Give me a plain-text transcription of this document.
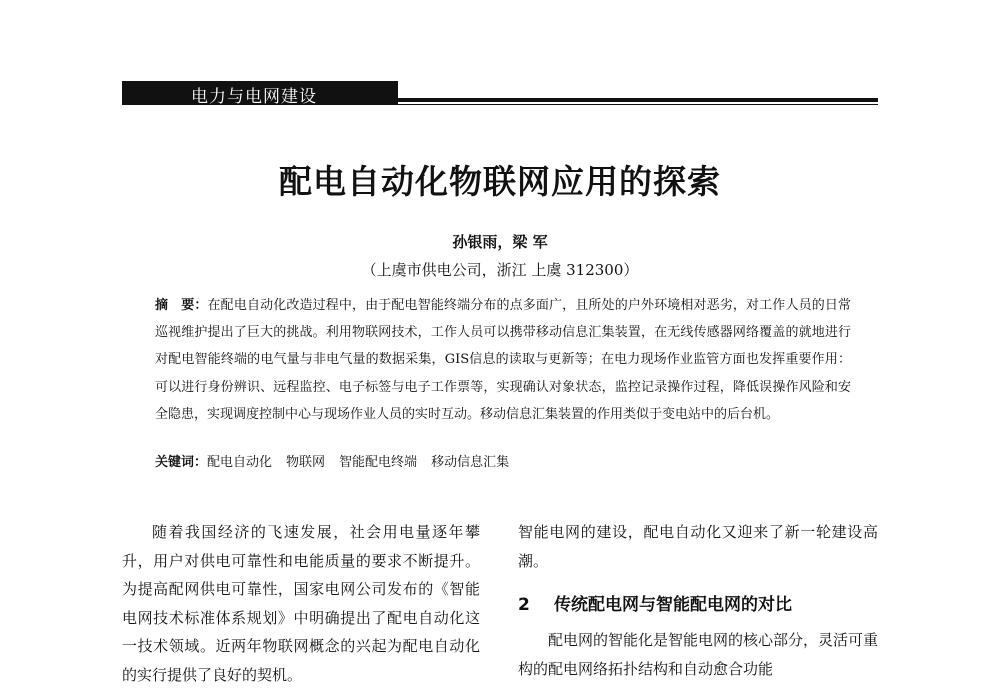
电力与电网建设
配电自动化物联网应用的探索
孙银雨，梁 军
（上虞市供电公司，浙江 上虞 312300）
摘　要：在配电自动化改造过程中，由于配电智能终端分布的点多面广，且所处的户外环境相对恶劣，对工作人员的日常巡视维护提出了巨大的挑战。利用物联网技术，工作人员可以携带移动信息汇集装置，在无线传感器网络覆盖的就地进行对配电智能终端的电气量与非电气量的数据采集，GIS信息的读取与更新等；在电力现场作业监管方面也发挥重要作用：可以进行身份辨识、远程监控、电子标签与电子工作票等，实现确认对象状态，监控记录操作过程，降低误操作风险和安全隐患，实现调度控制中心与现场作业人员的实时互动。移动信息汇集装置的作用类似于变电站中的后台机。
关键词：配电自动化 物联网 智能配电终端 移动信息汇集
随着我国经济的飞速发展，社会用电量逐年攀升，用户对供电可靠性和电能质量的要求不断提升。为提高配网供电可靠性，国家电网公司发布的《智能电网技术标准体系规划》中明确提出了配电自动化这一技术领域。近两年物联网概念的兴起为配电自动化的实行提供了良好的契机。
智能电网的建设，配电自动化又迎来了新一轮建设高潮。
2 传统配电网与智能配电网的对比
配电网的智能化是智能电网的核心部分，灵活可重构的配电网络拓扑结构和自动愈合功能
